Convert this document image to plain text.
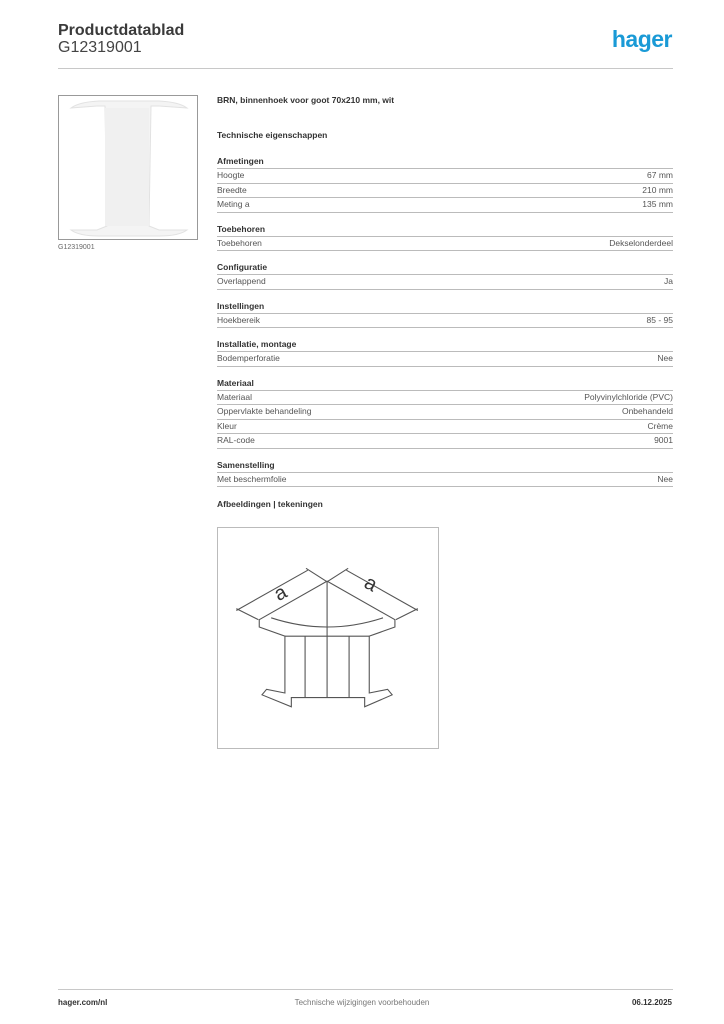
Productdatablad
G12319001	hager
G12319001
BRN, binnenhoek voor goot 70x210 mm, wit
Technische eigenschappen
Afmetingen
Hoogte	67 mm
Breedte	210 mm
Meting a	135 mm
Toebehoren
Toebehoren	Dekselonderdeel
Configuratie
Overlappend	Ja
Instellingen
Hoekbereik	85 - 95
Installatie, montage
Bodemperforatie	Nee
Materiaal
Materiaal	Polyvinylchloride (PVC)
Oppervlakte behandeling	Onbehandeld
Kleur	Crème
RAL-code	9001
Samenstelling
Met beschermfolie	Nee
Afbeeldingen | tekeningen
a	a
hager.com/nl	Technische wijzigingen voorbehouden	06.12.2025
